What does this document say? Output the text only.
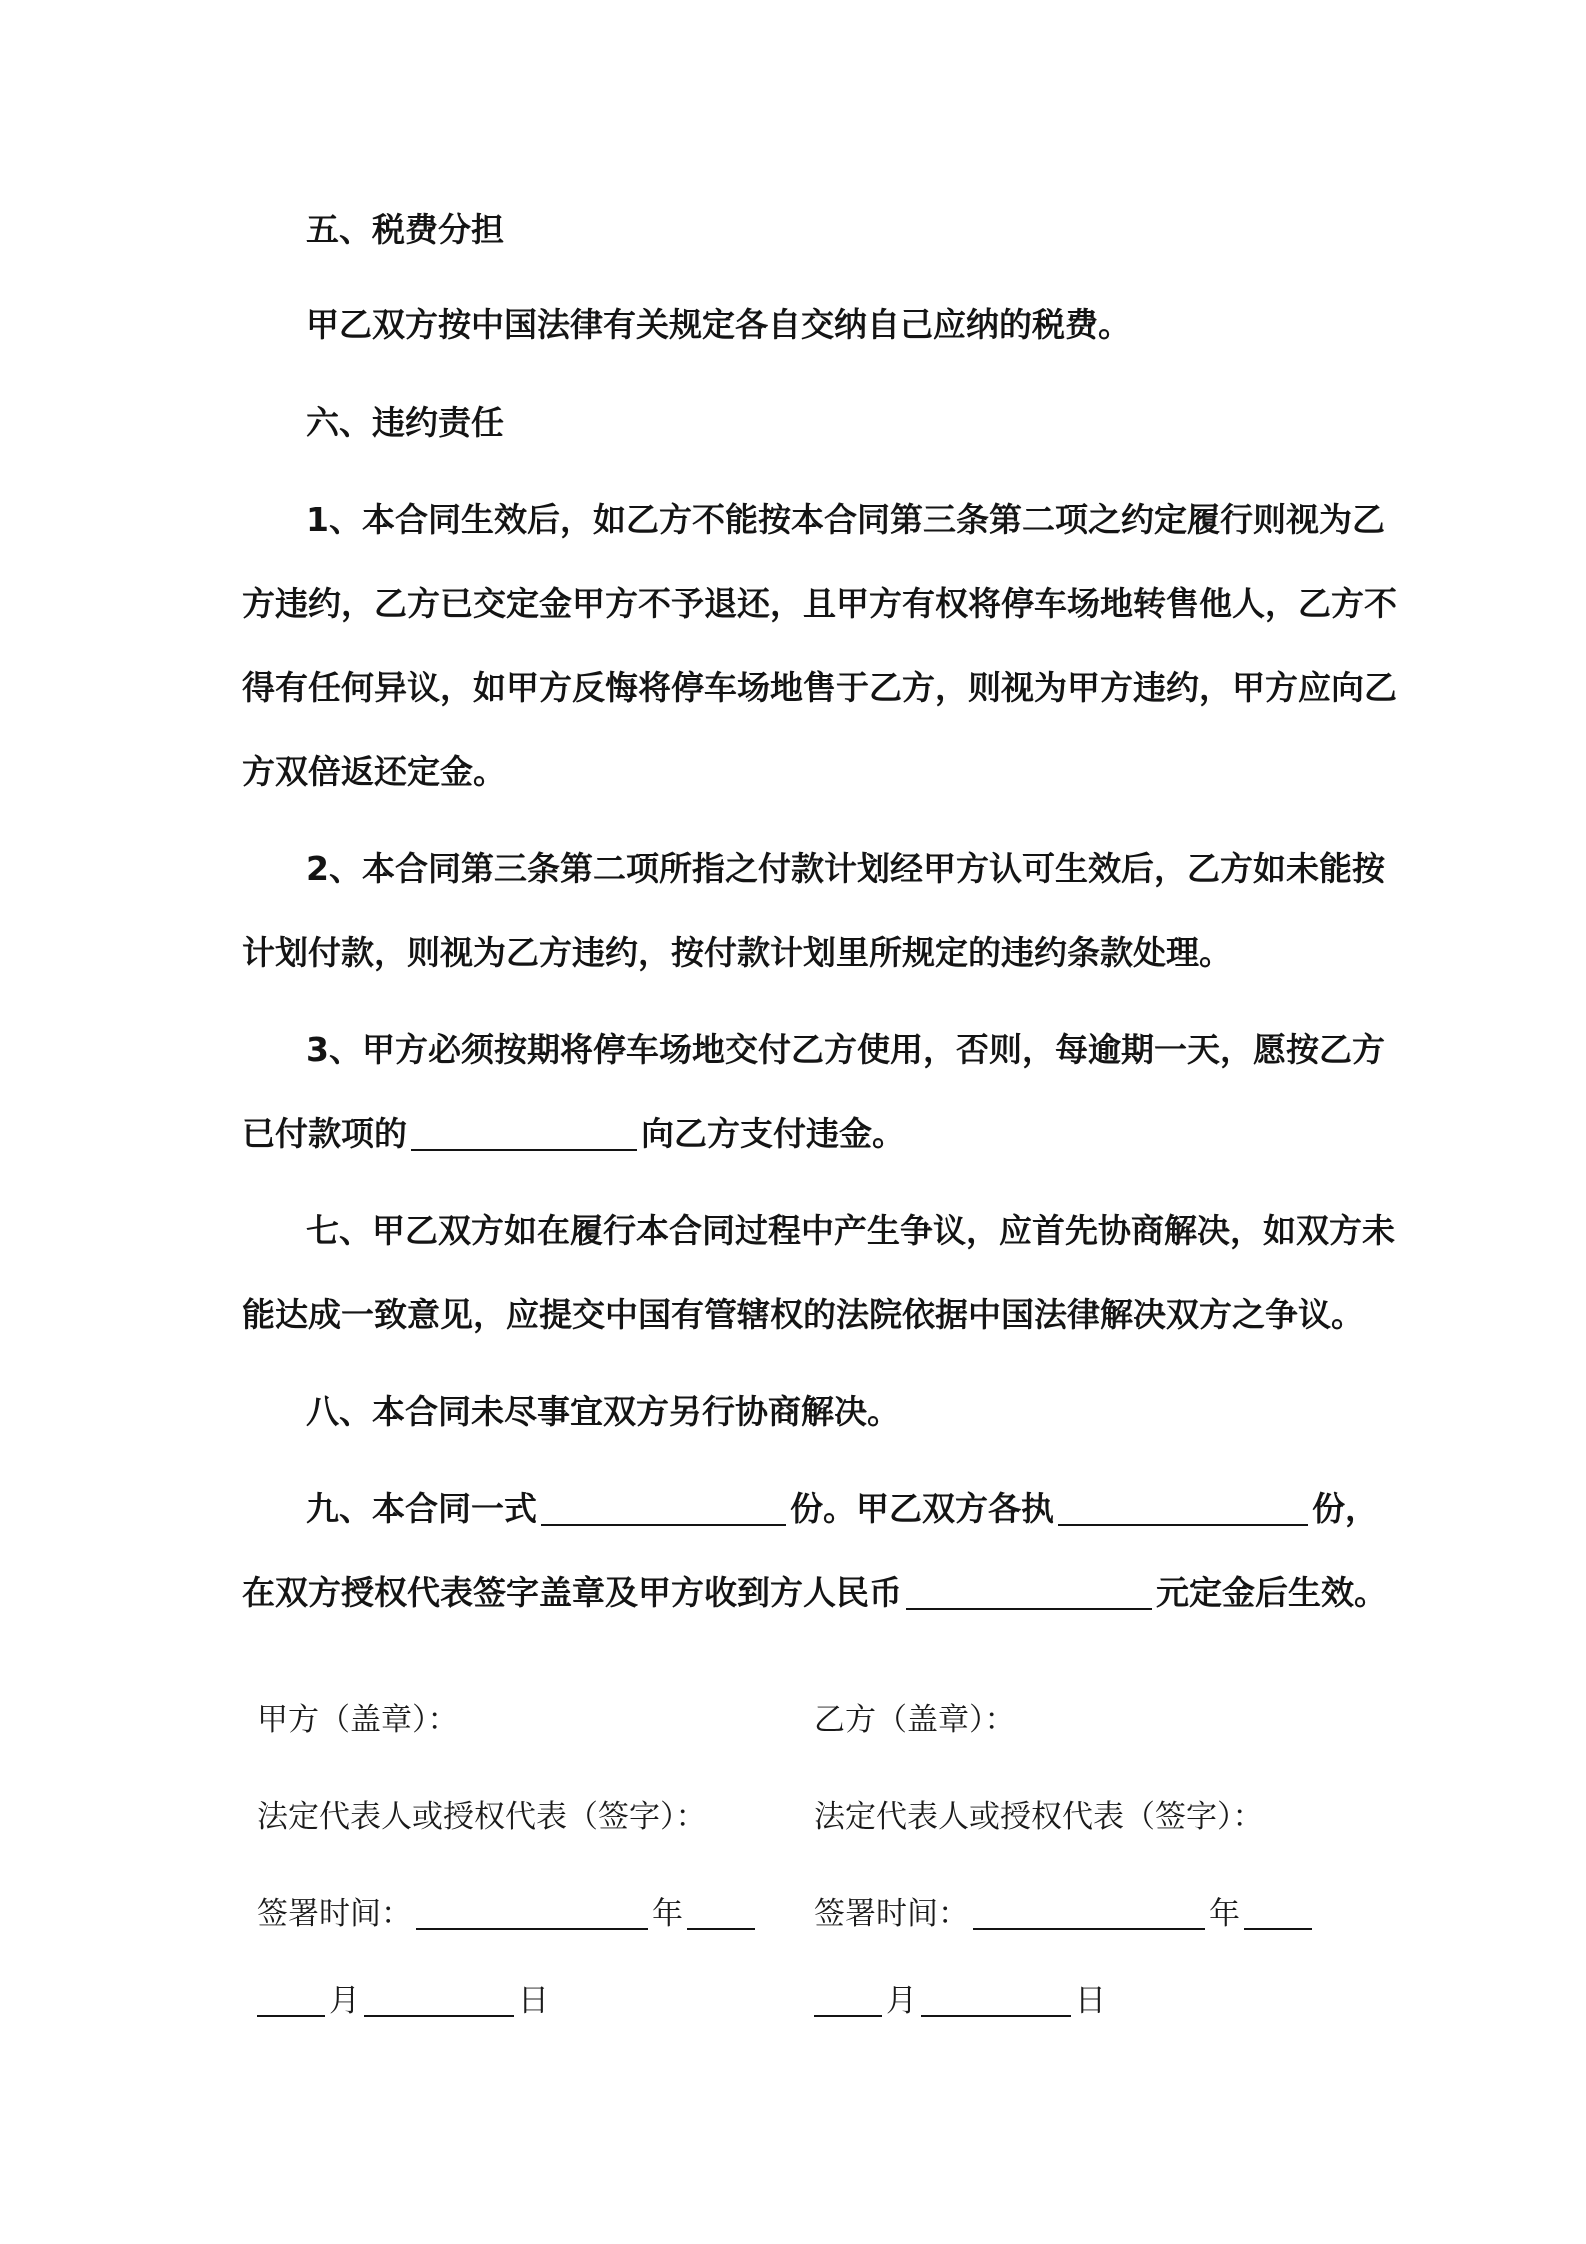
五、税费分担
甲乙双方按中国法律有关规定各自交纳自己应纳的税费。
六、违约责任
1、本合同生效后，如乙方不能按本合同第三条第二项之约定履行则视为乙
方违约，乙方已交定金甲方不予退还，且甲方有权将停车场地转售他人，乙方不
得有任何异议，如甲方反悔将停车场地售于乙方，则视为甲方违约，甲方应向乙
方双倍返还定金。
2、本合同第三条第二项所指之付款计划经甲方认可生效后，乙方如未能按
计划付款，则视为乙方违约，按付款计划里所规定的违约条款处理。
3、甲方必须按期将停车场地交付乙方使用，否则，每逾期一天，愿按乙方
已付款项的	向乙方支付违金。
七、甲乙双方如在履行本合同过程中产生争议，应首先协商解决，如双方未
能达成一致意见，应提交中国有管辖权的法院依据中国法律解决双方之争议。
八、本合同未尽事宜双方另行协商解决。
九、本合同一式	份。甲乙双方各执	份，
在双方授权代表签字盖章及甲方收到方人民币	元定金后生效。
甲方（盖章）：
法定代表人或授权代表（签字）：
签署时间：	年
月	日
乙方（盖章）：
法定代表人或授权代表（签字）：
签署时间：	年
月	日
